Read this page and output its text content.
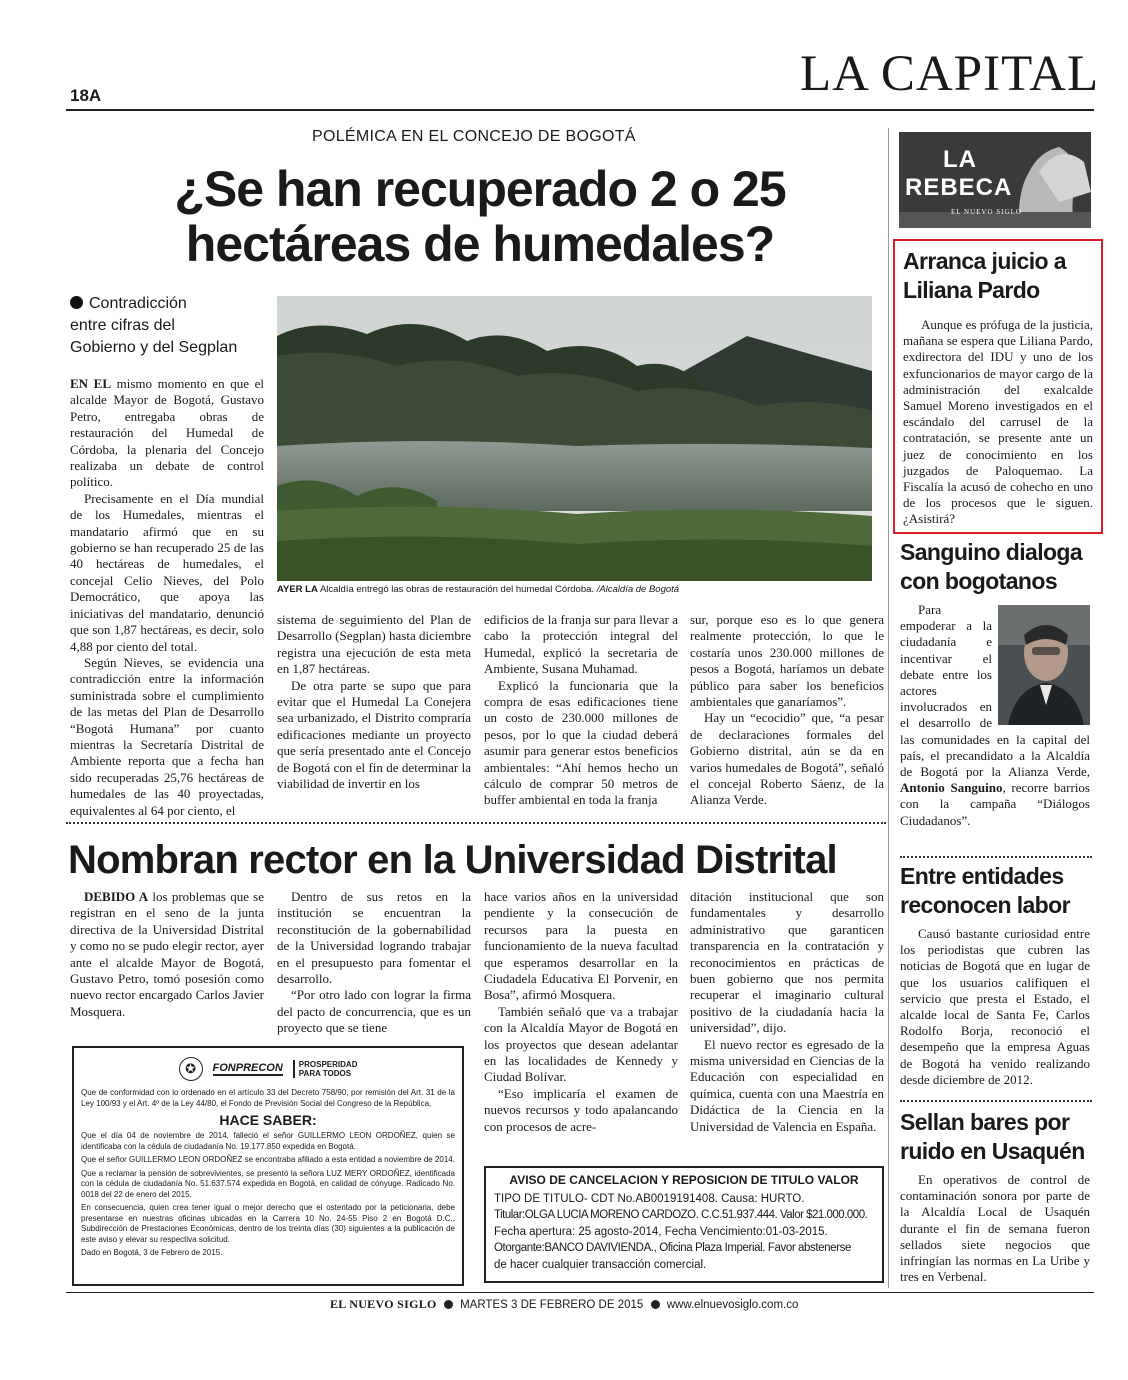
18A	LA CAPITAL
POLÉMICA EN EL CONCEJO DE BOGOTÁ
¿Se han recuperado 2 o 25
hectáreas de humedales?
Contradicción
entre cifras del
Gobierno y del Segplan
AYER LA Alcaldía entregó las obras de restauración del humedal Córdoba. /Alcaldía de Bogotá

EN EL mismo momento en que el alcalde Mayor de Bogotá, Gustavo Petro, entregaba obras de restauración del Humedal de Córdoba, la plenaria del Concejo realizaba un debate de control político.

Precisamente en el Día mundial de los Humedales, mientras el mandatario afirmó que en su gobierno se han recuperado 25 de las 40 hectáreas de humedales, el concejal Celio Nieves, del Polo Democrático, que apoya las iniciativas del mandatario, denunció que son 1,87 hectáreas, es decir, solo 4,88 por ciento del total.

Según Nieves, se evidencia una contradicción entre la información suministrada sobre el cumplimiento de las metas del Plan de Desarrollo “Bogotá Humana” por cuanto mientras la Secretaría Distrital de Ambiente reporta que a fecha han sido recuperadas 25,76 hectáreas de humedales de las 40 proyectadas, equivalentes al 64 por ciento, el

sistema de seguimiento del Plan de Desarrollo (Segplan) hasta diciembre registra una ejecución de esta meta en 1,87 hectáreas.

De otra parte se supo que para evitar que el Humedal La Conejera sea urbanizado, el Distrito compraría edificaciones mediante un proyecto que sería presentado ante el Concejo de Bogotá con el fin de determinar la viabilidad de invertir en los

edificios de la franja sur para llevar a cabo la protección integral del Humedal, explicó la secretaria de Ambiente, Susana Muhamad.

Explicó la funcionaria que la compra de esas edificaciones tiene un costo de 230.000 millones de pesos, por lo que la ciudad deberá asumir para generar estos beneficios ambientales: “Ahí hemos hecho un cálculo de comprar 50 metros de buffer ambiental en toda la franja

sur, porque eso es lo que genera realmente protección, lo que le costaría unos 230.000 millones de pesos a Bogotá, haríamos un debate público para saber los beneficios ambientales que ganaríamos”.

Hay un “ecocidio” que, “a pesar de declaraciones formales del Gobierno distrital, aún se da en varios humedales de Bogotá”, señaló el concejal Roberto Sáenz, de la Alianza Verde.

Nombran rector en la Universidad Distrital

DEBIDO A los problemas que se registran en el seno de la junta directiva de la Universidad Distrital y como no se pudo elegir rector, ayer ante el alcalde Mayor de Bogotá, Gustavo Petro, tomó posesión como nuevo rector encargado Carlos Javier Mosquera.

Dentro de sus retos en la institución se encuentran la reconstitución de la gobernabilidad de la Universidad logrando trabajar en el presupuesto para fomentar el desarrollo.

“Por otro lado con lograr la firma del pacto de concurrencia, que es un proyecto que se tiene

hace varios años en la universidad pendiente y la consecución de recursos para la puesta en funcionamiento de la nueva facultad que esperamos desarrollar en la Ciudadela Educativa El Porvenir, en Bosa”, afirmó Mosquera.

También señaló que va a trabajar con la Alcaldía Mayor de Bogotá en los proyectos que desean adelantar en las localidades de Kennedy y Ciudad Bolívar.

“Eso implicaría el examen de nuevos recursos y todo apalancando con procesos de acre-

ditación institucional que son fundamentales y desarrollo administrativo que garanticen transparencia en la contratación y reconocimientos en prácticas de buen gobierno que nos permita recuperar el imaginario cultural positivo de la ciudadanía hacia la universidad”, dijo.

El nuevo rector es egresado de la misma universidad en Ciencias de la Educación con especialidad en química, cuenta con una Maestría en Didáctica de la Ciencia en la Universidad de Valencia en España.

✪	FONPRECON PROSPERIDAD
PARA TODOS
Que de conformidad con lo ordenado en el artículo 33 del Decreto 758/90, por remisión del Art. 31 de la Ley 100/93 y el Art. 4º de la Ley 44/80, el Fondo de Previsión Social del Congreso de la República,
HACE SABER:
Que el día 04 de noviembre de 2014, falleció el señor GUILLERMO LEON ORDOÑEZ, quien se identificaba con la cédula de ciudadanía No. 19.177.850 expedida en Bogotá.
Que el señor GUILLERMO LEON ORDOÑEZ se encontraba afiliado a esta entidad a noviembre de 2014.
Que a reclamar la pensión de sobrevivientes, se presentó la señora LUZ MERY ORDOÑEZ, identificada con la cédula de ciudadanía No. 51.637.574 expedida en Bogotá, en calidad de cónyuge. Radicado No. 0018 del 22 de enero del 2015.
En consecuencia, quien crea tener igual o mejor derecho que el ostentado por la peticionaria, debe presentarse en nuestras oficinas ubicadas en la Carrera 10 No. 24-55 Piso 2 en Bogotá D.C., Subdirección de Prestaciones Económicas, dentro de los treinta días (30) siguientes a la publicación de este aviso y elevar su respectiva solicitud.
Dado en Bogotá, 3 de Febrero de 2015.
AVISO DE CANCELACION Y REPOSICION DE TITULO VALOR
TIPO DE TITULO- CDT No.AB0019191408. Causa: HURTO.
Titular:OLGA LUCIA MORENO CARDOZO. C.C.51.937.444. Valor $21.000.000.
Fecha apertura: 25 agosto-2014, Fecha Vencimiento:01-03-2015.
Otorgante:BANCO DAVIVIENDA., Oficina Plaza Imperial. Favor abstenerse
de hacer cualquier transacción comercial.
LA
REBECA
EL NUEVO SIGLO
Arranca juicio a Liliana Pardo

Aunque es prófuga de la justicia, mañana se espera que Liliana Pardo, exdirectora del IDU y uno de los exfuncionarios de mayor cargo de la administración del exalcalde Samuel Moreno investigados en el escándalo del carrusel de la contratación, se presente ante un juez de conocimiento en los juzgados de Paloquemao. La Fiscalía la acusó de cohecho en uno de los procesos que le siguen. ¿Asistirá?

Sanguino dialoga con bogotanos

Para empoderar a la ciudadanía e incentivar el debate entre los actores involucrados en el desarrollo de las comunidades en la capital del país, el precandidato a la Alcaldía de Bogotá por la Alianza Verde, Antonio Sanguino, recorre barrios con la campaña “Diálogos Ciudadanos”.

Entre entidades reconocen labor

Causó bastante curiosidad entre los periodistas que cubren las noticias de Bogotá que en lugar de que los usuarios califiquen el servicio que presta el Estado, el alcalde local de Santa Fe, Carlos Rodolfo Borja, reconoció el desempeño que la empresa Aguas de Bogotá ha venido realizando desde diciembre de 2012.

Sellan bares por ruido en Usaquén

En operativos de control de contaminación sonora por parte de la Alcaldía Local de Usaquén durante el fin de semana fueron sellados siete negocios que infringían las normas en La Uribe y tres en Verbenal.

EL NUEVO SIGLO MARTES 3 DE FEBRERO DE 2015 www.elnuevosiglo.com.co
